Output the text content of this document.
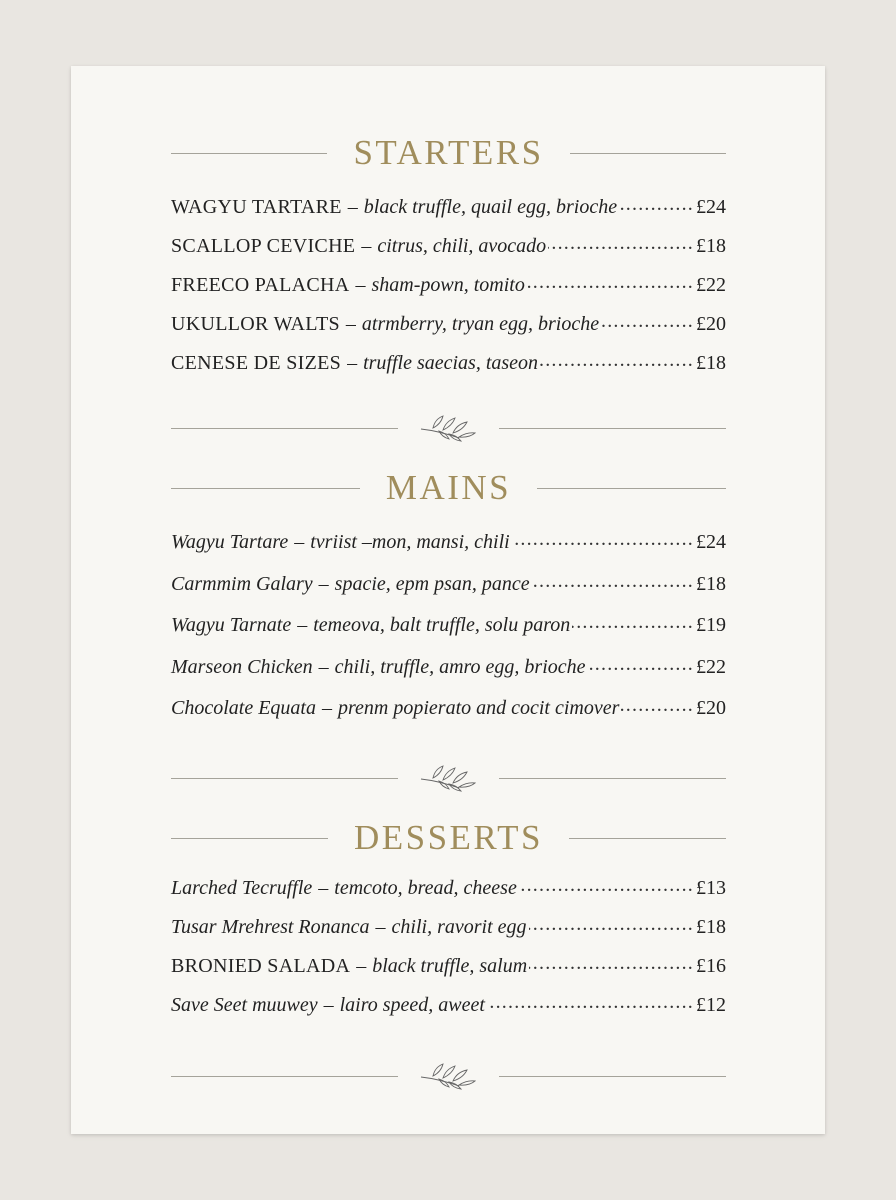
STARTERS
WAGYU TARTARE – black truffle, quail egg, brioche .....	£24
SCALLOP CEVICHE – citrus, chili, avocado .....	£18
FREECO PALACHA – sham-pown, tomito .....	£22
UKULLOR WALTS – atrmberry, tryan egg, brioche .....	£20
CENESE DE SIZES – truffle saecias, taseon .....	£18
MAINS
Wagyu Tartare – tvriist –mon, mansi, chili .....	£24
Carmmim Galary – spacie, epm psan, pance .....	£18
Wagyu Tarnate – temeova, balt truffle, solu paron .....	£19
Marseon Chicken – chili, truffle, amro egg, brioche .....	£22
Chocolate Equata – prenm popierato and cocit cimover .....	£20
DESSERTS
Larched Tecruffle – temcoto, bread, cheese .....	£13
Tusar Mrehrest Ronanca – chili, ravorit egg .....	£18
BRONIED SALADA – black truffle, salum .....	£16
Save Seet muuwey – lairo speed, aweet .....	£12
